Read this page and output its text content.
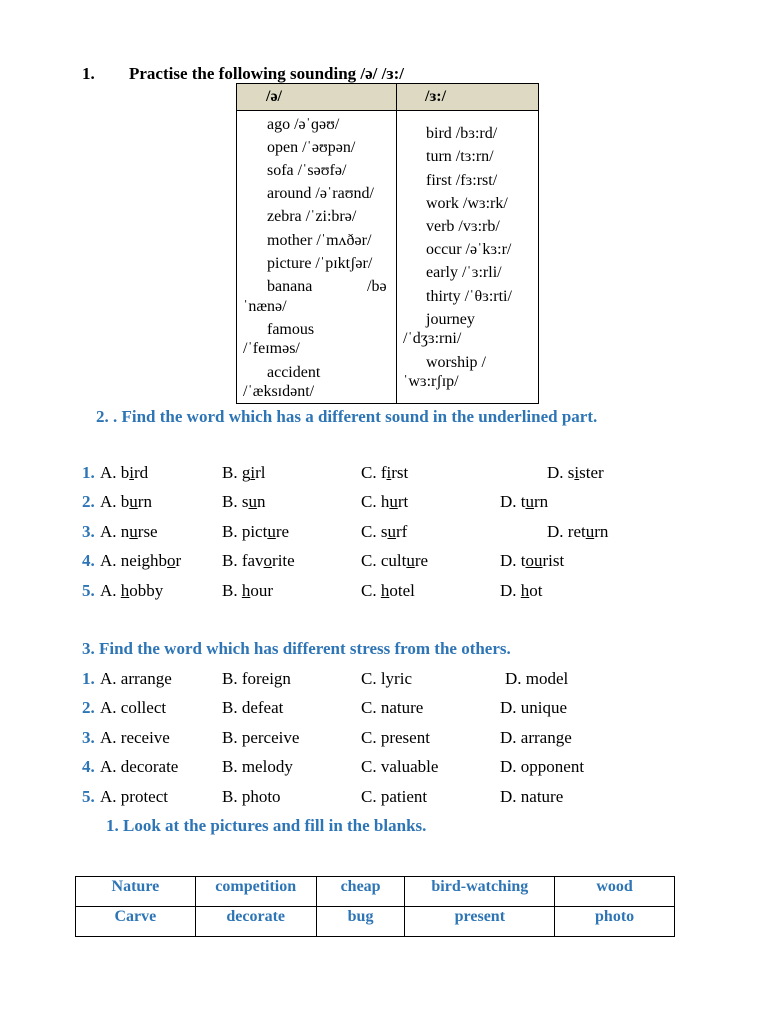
1. Practise the following sounding /ə/ /ɜ:/
/ə/	/ɜ:/
ago /əˈɡəʊ/
open /ˈəʊpən/
sofa /ˈsəʊfə/
around /əˈraʊnd/
zebra /ˈzi:brə/
mother /ˈmʌðər/
picture /ˈpɪktʃər/
banana	/bə
ˈnænə/
famous
/ˈfeɪməs/
accident
/ˈæksɪdənt/
bird /bɜ:rd/
turn /tɜ:rn/
first /fɜ:rst/
work /wɜ:rk/
verb /vɜ:rb/
occur /əˈkɜ:r/
early /ˈɜ:rli/
thirty /ˈθɜ:rti/
journey
/ˈdʒɜ:rni/
worship /
ˈwɜ:rʃɪp/
2. . Find the word which has a different sound in the underlined part.
1. A. bird	B. girl	C. first	D. sister
2. A. burn	B. sun	C. hurt	D. turn
3. A. nurse	B. picture	C. surf	D. return
4. A. neighbor B. favorite	C. culture	D. tourist
5. A. hobby	B. hour	C. hotel	D. hot
3. Find the word which has different stress from the others.
1. A. arrange	B. foreign	C. lyric	D. model
2. A. collect	B. defeat	C. nature	D. unique
3. A. receive	B. perceive	C. present	D. arrange
4. A. decorate	B. melody	C. valuable	D. opponent
5. A. protect	B. photo	C. patient	D. nature
1. Look at the pictures and fill in the blanks.
Nature	competition	cheap	bird-watching	wood
Carve	decorate	bug	present	photo
